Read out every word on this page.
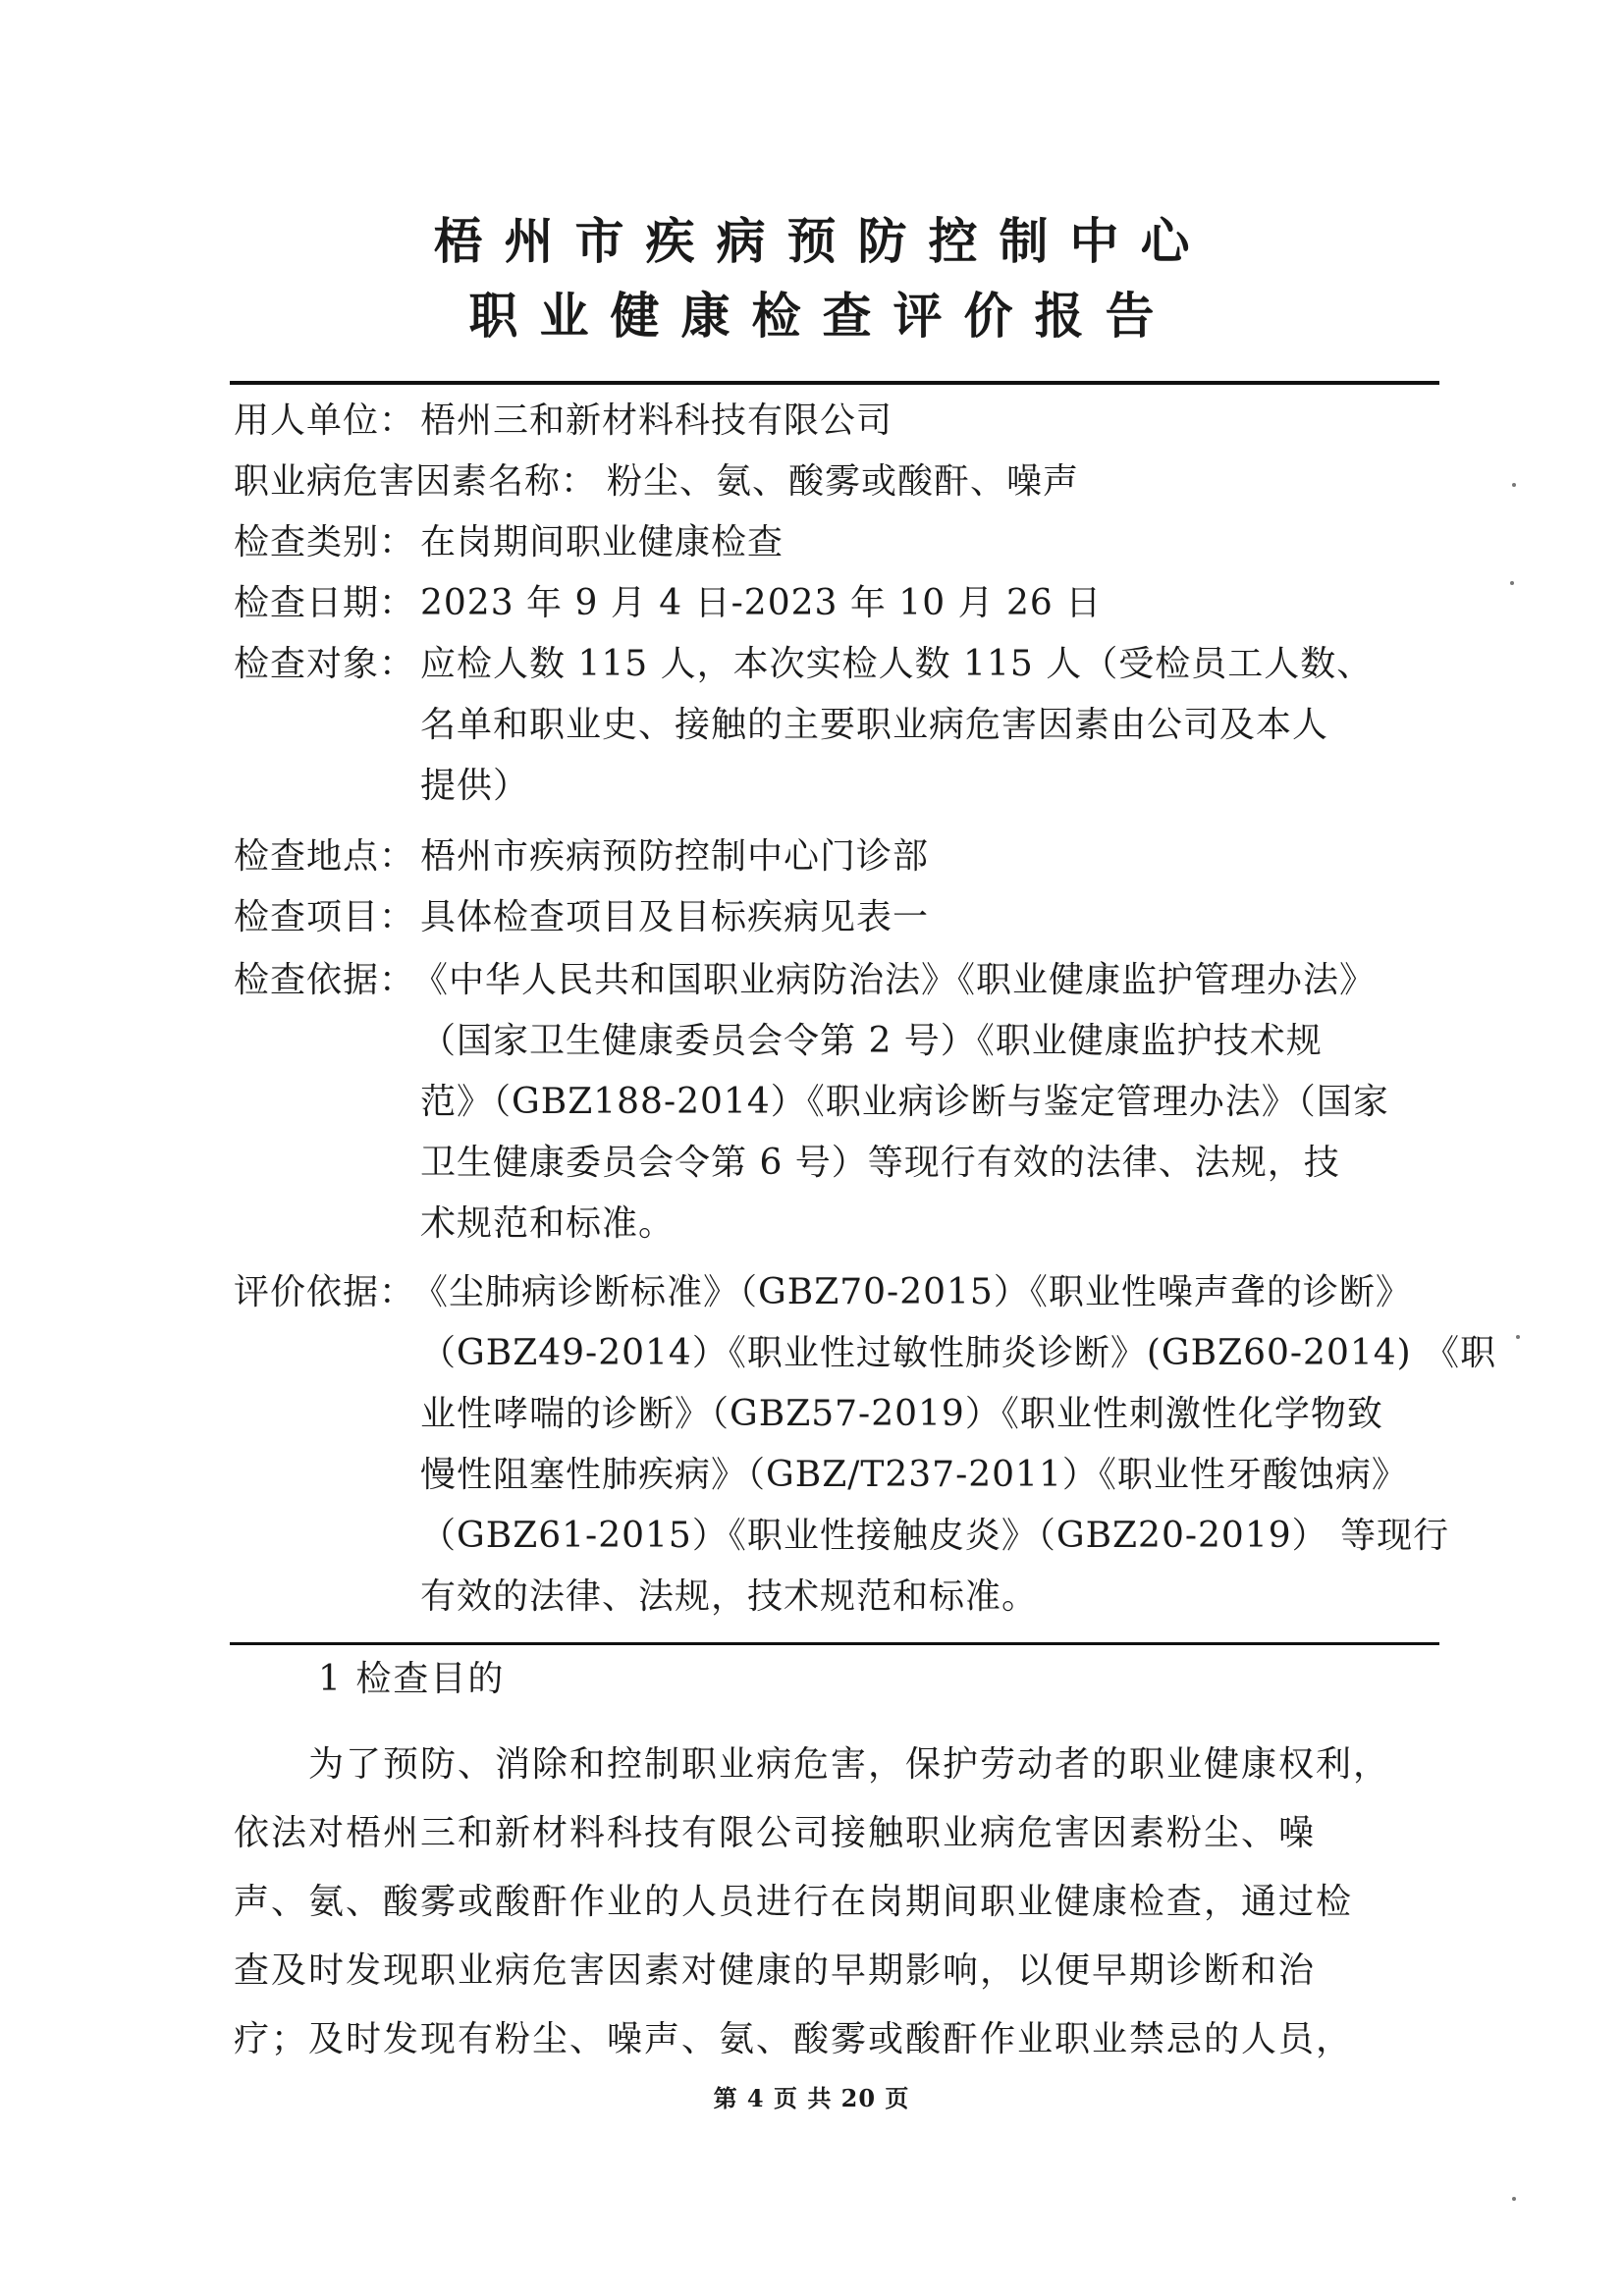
梧州市疾病预防控制中心
职业健康检查评价报告
用人单位： 梧州三和新材料科技有限公司
职业病危害因素名称： 粉尘、氨、酸雾或酸酐、噪声
检查类别： 在岗期间职业健康检查
检查日期： 2023 年 9 月 4 日-2023 年 10 月 26 日
检查对象： 应检人数 115 人，本次实检人数 115 人（受检员工人数、
名单和职业史、接触的主要职业病危害因素由公司及本人
提供）
检查地点： 梧州市疾病预防控制中心门诊部
检查项目： 具体检查项目及目标疾病见表一
检查依据：
《中华人民共和国职业病防治法》《职业健康监护管理办法》
（国家卫生健康委员会令第 2 号）《职业健康监护技术规
范》（GBZ188-2014）《职业病诊断与鉴定管理办法》（国家
卫生健康委员会令第 6 号）等现行有效的法律、法规，技
术规范和标准。
评价依据：
《尘肺病诊断标准》（GBZ70-2015）《职业性噪声聋的诊断》
（GBZ49-2014）《职业性过敏性肺炎诊断》(GBZ60-2014) 《职
业性哮喘的诊断》（GBZ57-2019）《职业性刺激性化学物致
慢性阻塞性肺疾病》（GBZ/T237-2011）《职业性牙酸蚀病》
（GBZ61-2015）《职业性接触皮炎》（GBZ20-2019） 等现行
有效的法律、法规，技术规范和标准。
1 检查目的
为了预防、消除和控制职业病危害，保护劳动者的职业健康权利，
依法对梧州三和新材料科技有限公司接触职业病危害因素粉尘、噪
声、氨、酸雾或酸酐作业的人员进行在岗期间职业健康检查，通过检
查及时发现职业病危害因素对健康的早期影响，以便早期诊断和治
疗；及时发现有粉尘、噪声、氨、酸雾或酸酐作业职业禁忌的人员，
第 4 页 共 20 页
